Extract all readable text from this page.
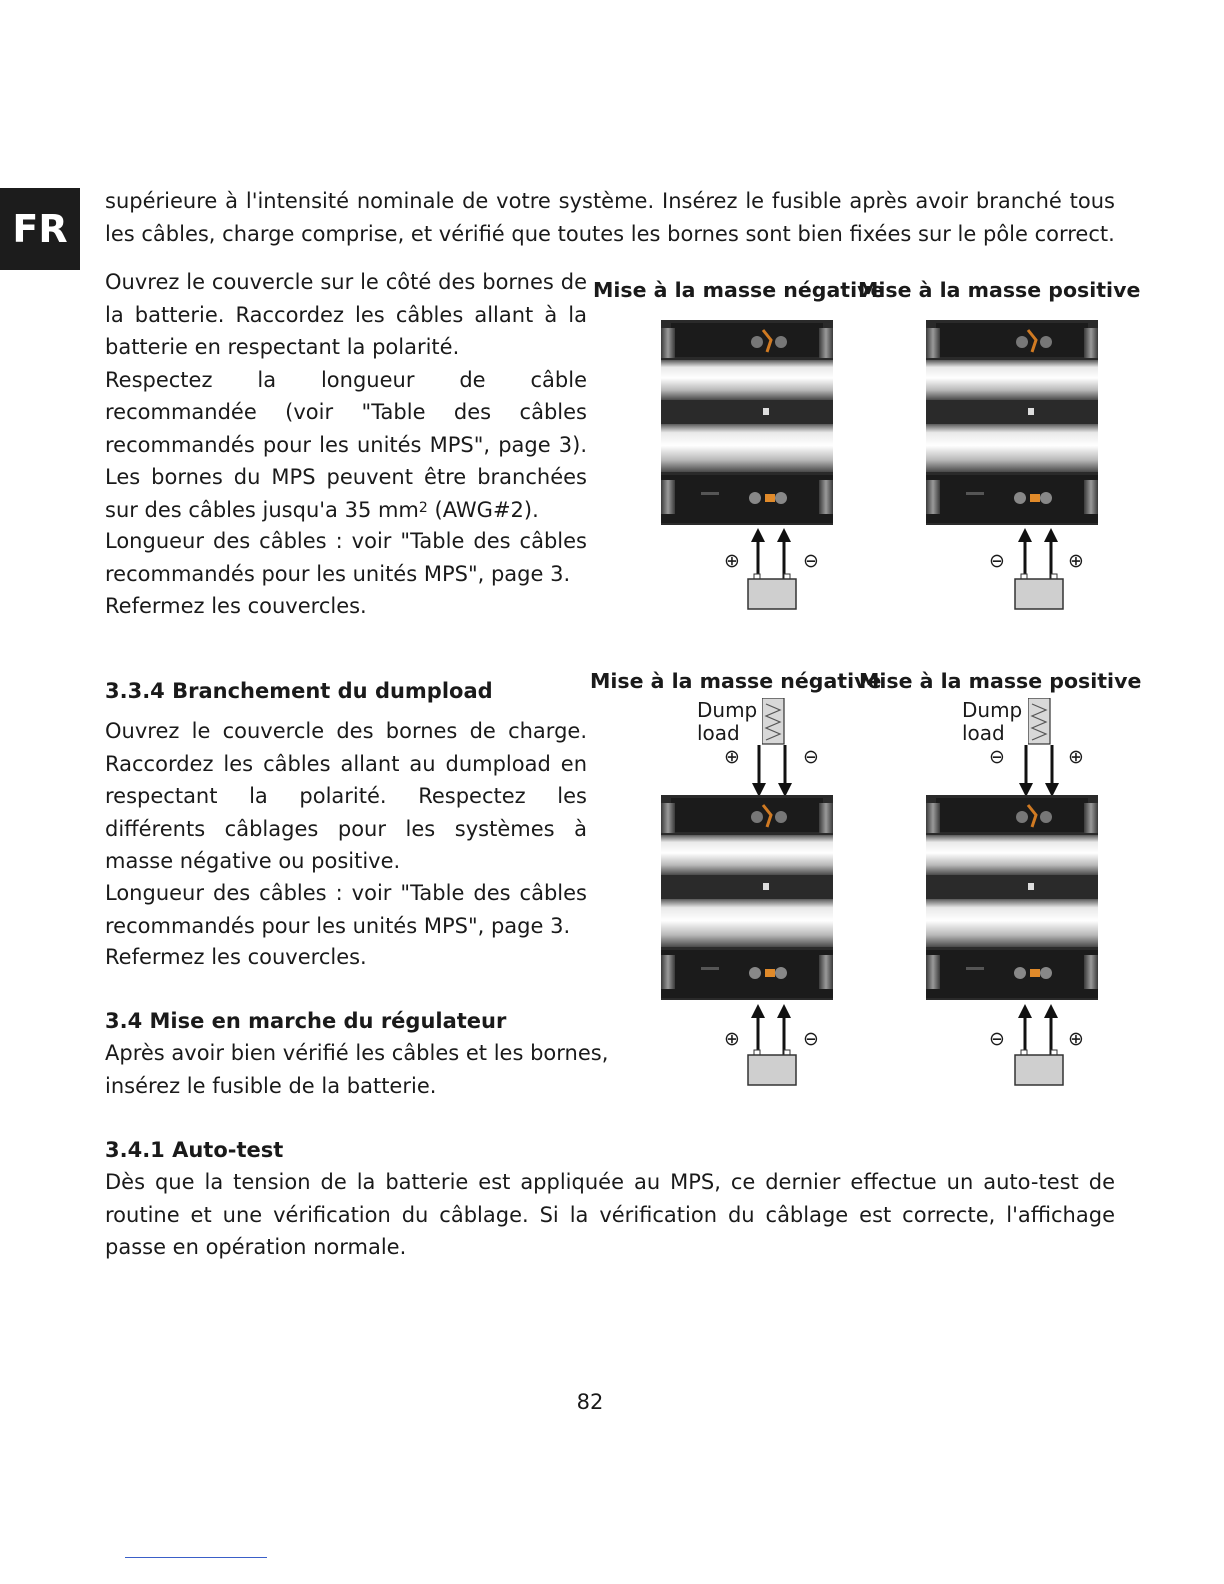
FR

supérieure à l'intensité nominale de votre système. Insérez le fusible après avoir branché tous les câbles, charge comprise, et vérifié que toutes les bornes sont bien fixées sur le pôle correct.

Ouvrez le couvercle sur le côté des bornes de la batterie. Raccordez les câbles allant à la batterie en respectant la polarité.

Respectez la longueur de câble recommandée (voir "Table des câbles recommandés pour les unités MPS", page 3). Les bornes du MPS peuvent être branchées sur des câbles jusqu'a 35 $mm^2$ (AWG#2).

Longueur des câbles : voir "Table des câbles recommandés pour les unités MPS", page 3.

Refermez les couvercles.

Mise à la masse négative
Mise à la masse positive
⊕	⊖	⊖	⊕
3.3.4 Branchement du dumpload

Ouvrez le couvercle des bornes de charge. Raccordez les câbles allant au dumpload en respectant la polarité. Respectez les différents câblages pour les systèmes à masse négative ou positive.

Longueur des câbles : voir "Table des câbles recommandés pour les unités MPS", page 3.

Refermez les couvercles.

Mise à la masse négative
Mise à la masse positive
Dump
load
Dump
load
⊕	⊖	⊖	⊕
⊕	⊖	⊖	⊕
3.4 Mise en marche du régulateur

Après avoir bien vérifié les câbles et les bornes, insérez le fusible de la batterie.

3.4.1 Auto-test

Dès que la tension de la batterie est appliquée au MPS, ce dernier effectue un auto-test de routine et une vérification du câblage. Si la vérification du câblage est correcte, l'affichage passe en opération normale.

82
